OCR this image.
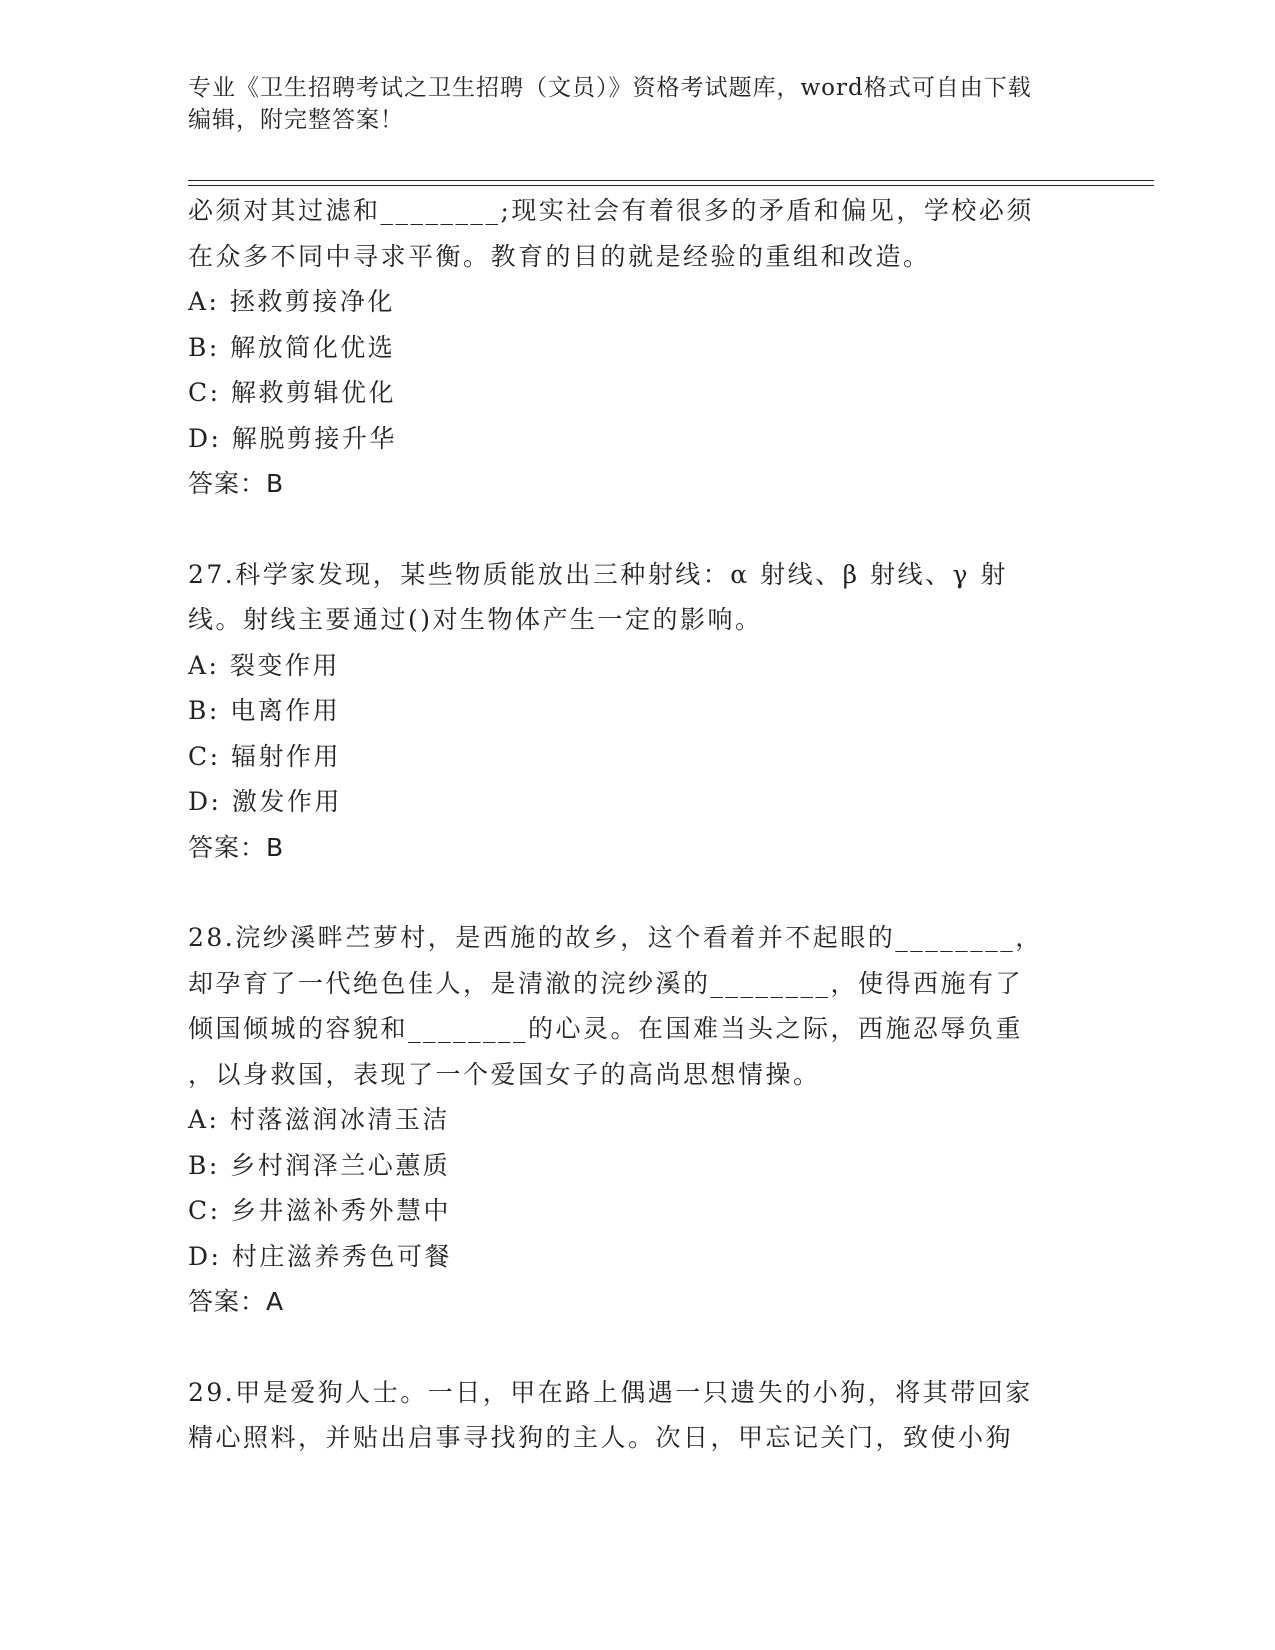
专业《卫生招聘考试之卫生招聘（文员）》资格考试题库，word格式可自由下载
编辑，附完整答案！
必须对其过滤和________;现实社会有着很多的矛盾和偏见，学校必须
在众多不同中寻求平衡。教育的目的就是经验的重组和改造。
A: 拯救剪接净化
B: 解放简化优选
C: 解救剪辑优化
D: 解脱剪接升华
答案：B
27.科学家发现，某些物质能放出三种射线：α 射线、β 射线、γ 射
线。射线主要通过()对生物体产生一定的影响。
A: 裂变作用
B: 电离作用
C: 辐射作用
D: 激发作用
答案：B
28.浣纱溪畔苎萝村，是西施的故乡，这个看着并不起眼的________，
却孕育了一代绝色佳人，是清澈的浣纱溪的________，使得西施有了
倾国倾城的容貌和________的心灵。在国难当头之际，西施忍辱负重
，以身救国，表现了一个爱国女子的高尚思想情操。
A: 村落滋润冰清玉洁
B: 乡村润泽兰心蕙质
C: 乡井滋补秀外慧中
D: 村庄滋养秀色可餐
答案：A
29.甲是爱狗人士。一日，甲在路上偶遇一只遗失的小狗，将其带回家
精心照料，并贴出启事寻找狗的主人。次日，甲忘记关门，致使小狗
